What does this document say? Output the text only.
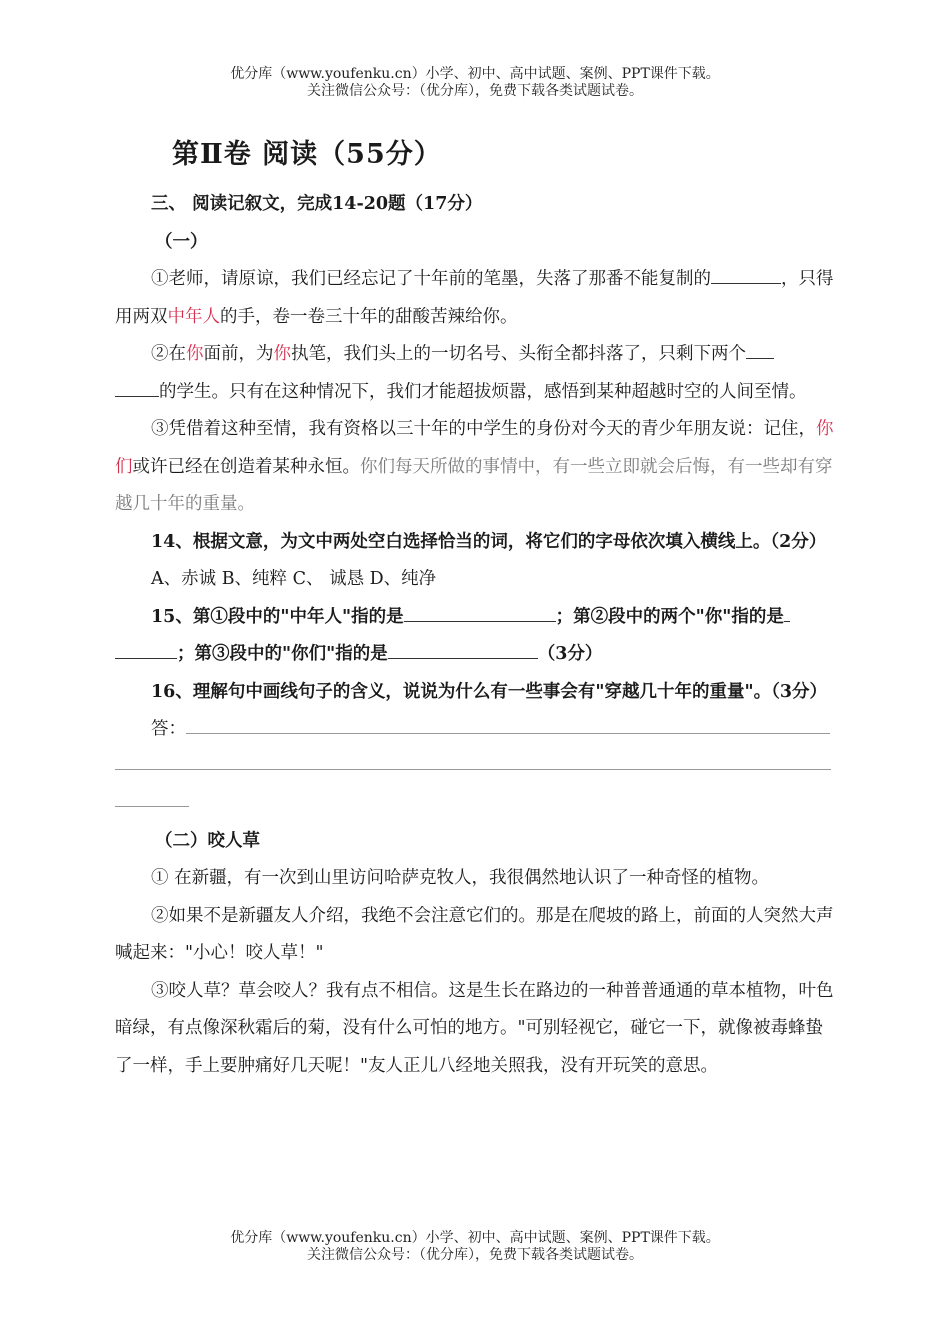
优分库（www.youfenku.cn）小学、初中、高中试题、案例、PPT课件下载。
关注微信公众号：（优分库），免费下载各类试题试卷。
第Ⅱ卷 阅读（55分）

三、 阅读记叙文，完成14-20题（17分）

（一）

①老师，请原谅，我们已经忘记了十年前的笔墨，失落了那番不能复制的	，只得用两双中年人的手，卷一卷三十年的甜酸苦辣给你。

②在你面前，为你执笔，我们头上的一切名号、头衔全都抖落了，只剩下两个
的学生。只有在这种情况下，我们才能超拔烦嚣，感悟到某种超越时空的人间至情。

③凭借着这种至情，我有资格以三十年的中学生的身份对今天的青少年朋友说：记住，你们或许已经在创造着某种永恒。你们每天所做的事情中，有一些立即就会后悔，有一些却有穿越几十年的重量。

14、根据文意，为文中两处空白选择恰当的词，将它们的字母依次填入横线上。（2分）

A、赤诚 B、纯粹 C、 诚恳 D、纯净

15、第①段中的"中年人"指的是	；第②段中的两个"你"指的是
；第③段中的"你们"指的是	（3分）

16、理解句中画线句子的含义，说说为什么有一些事会有"穿越几十年的重量"。（3分）

答：

（二）咬人草

① 在新疆，有一次到山里访问哈萨克牧人，我很偶然地认识了一种奇怪的植物。

②如果不是新疆友人介绍，我绝不会注意它们的。那是在爬坡的路上，前面的人突然大声喊起来："小心！咬人草！"

③咬人草？草会咬人？我有点不相信。这是生长在路边的一种普普通通的草本植物，叶色暗绿，有点像深秋霜后的菊，没有什么可怕的地方。"可别轻视它，碰它一下，就像被毒蜂蛰了一样，手上要肿痛好几天呢！"友人正儿八经地关照我，没有开玩笑的意思。

优分库（www.youfenku.cn）小学、初中、高中试题、案例、PPT课件下载。
关注微信公众号：（优分库），免费下载各类试题试卷。
